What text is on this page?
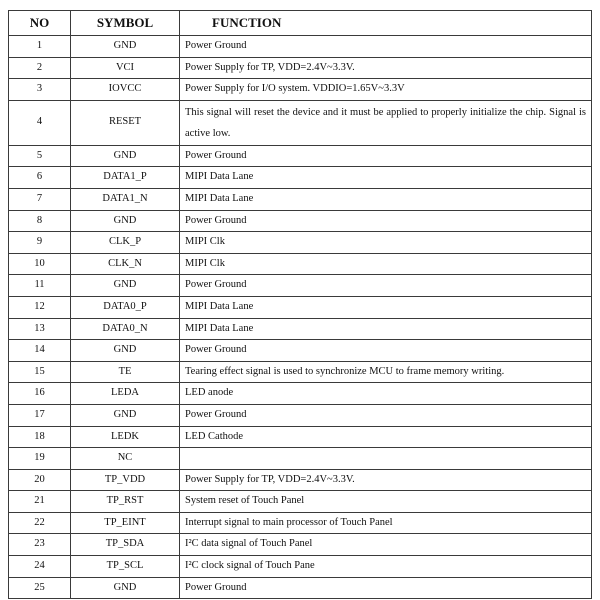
NO	SYMBOL	FUNCTION
1	GND	Power Ground
2	VCI	Power Supply for TP, VDD=2.4V~3.3V.
3	IOVCC	Power Supply for I/O system. VDDIO=1.65V~3.3V
4	RESET	This signal will reset the device and it must be applied to properly initialize the chip. Signal is active low.
5	GND	Power Ground
6	DATA1_P	MIPI Data Lane
7	DATA1_N	MIPI Data Lane
8	GND	Power Ground
9	CLK_P	MIPI Clk
10	CLK_N	MIPI Clk
11	GND	Power Ground
12	DATA0_P	MIPI Data Lane
13	DATA0_N	MIPI Data Lane
14	GND	Power Ground
15	TE	Tearing effect signal is used to synchronize MCU to frame memory writing.
16	LEDA	LED anode
17	GND	Power Ground
18	LEDK	LED Cathode
19	NC	
20	TP_VDD	Power Supply for TP, VDD=2.4V~3.3V.
21	TP_RST	System reset of Touch Panel
22	TP_EINT	Interrupt signal to main processor of Touch Panel
23	TP_SDA	I²C data signal of Touch Panel
24	TP_SCL	I²C clock signal of Touch Pane
25	GND	Power Ground
